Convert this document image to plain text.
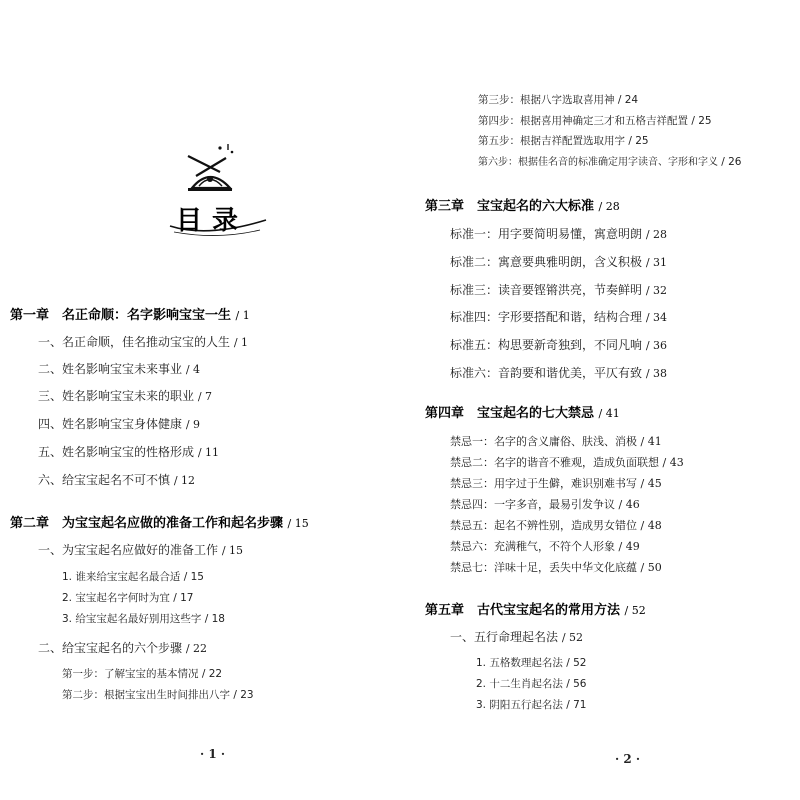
目录
第一章　名正命顺：名字影响宝宝一生 / 1
一、名正命顺，佳名推动宝宝的人生 / 1
二、姓名影响宝宝未来事业 / 4
三、姓名影响宝宝未来的职业 / 7
四、姓名影响宝宝身体健康 / 9
五、姓名影响宝宝的性格形成 / 11
六、给宝宝起名不可不慎 / 12
第二章　为宝宝起名应做的准备工作和起名步骤 / 15
一、为宝宝起名应做好的准备工作 / 15
1. 谁来给宝宝起名最合适 / 15
2. 宝宝起名字何时为宜 / 17
3. 给宝宝起名最好别用这些字 / 18
二、给宝宝起名的六个步骤 / 22
第一步：了解宝宝的基本情况 / 22
第二步：根据宝宝出生时间排出八字 / 23
· 1 ·
第三步：根据八字选取喜用神 / 24
第四步：根据喜用神确定三才和五格吉祥配置 / 25
第五步：根据吉祥配置选取用字 / 25
第六步：根据佳名音的标准确定用字读音、字形和字义 / 26
第三章　宝宝起名的六大标准 / 28
标准一：用字要简明易懂，寓意明朗 / 28
标准二：寓意要典雅明朗，含义积极 / 31
标准三：读音要铿锵洪亮，节奏鲜明 / 32
标准四：字形要搭配和谐，结构合理 / 34
标准五：构思要新奇独到，不同凡响 / 36
标准六：音韵要和谐优美，平仄有致 / 38
第四章　宝宝起名的七大禁忌 / 41
禁忌一：名字的含义庸俗、肤浅、消极 / 41
禁忌二：名字的谐音不雅观，造成负面联想 / 43
禁忌三：用字过于生僻，难识别难书写 / 45
禁忌四：一字多音，最易引发争议 / 46
禁忌五：起名不辨性别，造成男女错位 / 48
禁忌六：充满稚气，不符个人形象 / 49
禁忌七：洋味十足，丢失中华文化底蕴 / 50
第五章　古代宝宝起名的常用方法 / 52
一、五行命理起名法 / 52
1. 五格数理起名法 / 52
2. 十二生肖起名法 / 56
3. 阴阳五行起名法 / 71
· 2 ·
